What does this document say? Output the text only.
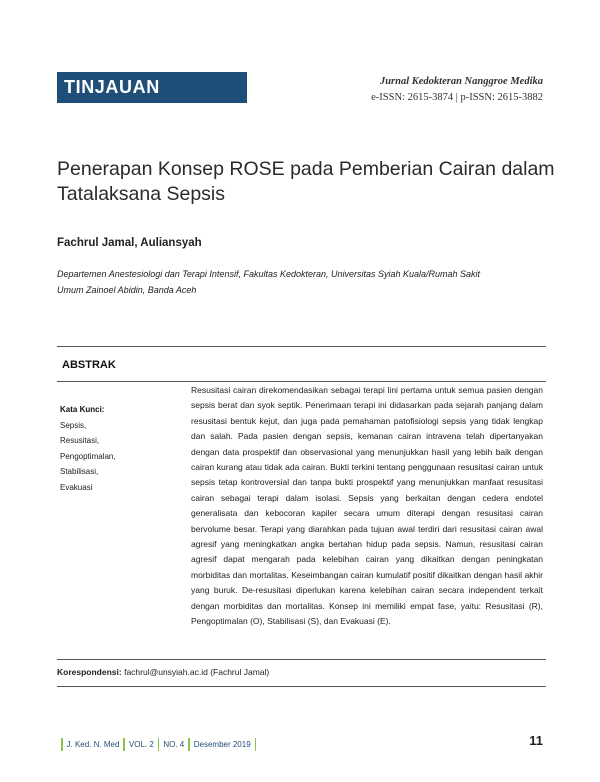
TINJAUAN PUSTAKA
Jurnal Kedokteran Nanggroe Medika
e-ISSN: 2615-3874 | p-ISSN: 2615-3882
Penerapan Konsep ROSE pada Pemberian Cairan dalam
Tatalaksana Sepsis
Fachrul Jamal, Auliansyah
Departemen Anestesiologi dan Terapi Intensif, Fakultas Kedokteran, Universitas Syiah Kuala/Rumah Sakit
Umum Zainoel Abidin, Banda Aceh
ABSTRAK
Kata Kunci:
Sepsis,
Resusitasi,
Pengoptimalan,
Stabilisasi,
Evakuasi
Resusitasi cairan direkomendasikan sebagai terapi lini pertama untuk semua pasien dengan sepsis berat dan syok septik. Penerimaan terapi ini didasarkan pada sejarah panjang dalam resusitasi bentuk kejut, dan juga pada pemahaman patofisiologi sepsis yang tidak lengkap dan salah. Pada pasien dengan sepsis, kemanan cairan intravena telah dipertanyakan dengan data prospektif dan observasional yang menunjukkan hasil yang lebih baik dengan cairan kurang atau tidak ada cairan. Bukti terkini tentang penggunaan resusitasi cairan untuk sepsis tetap kontroversial dan tanpa bukti prospektif yang menunjukkan manfaat resusitasi cairan sebagai terapi dalam isolasi. Sepsis yang berkaitan dengan cedera endotel generalisata dan kebocoran kapiler secara umum diterapi dengan resusitasi cairan bervolume besar. Terapi yang diarahkan pada tujuan awal terdiri dari resusitasi cairan awal agresif yang meningkatkan angka bertahan hidup pada sepsis. Namun, resusitasi cairan agresif dapat mengarah pada kelebihan cairan yang dikaitkan dengan peningkatan morbiditas dan mortalitas. Keseimbangan cairan kumulatif positif dikaitkan dengan hasil akhir yang buruk. De-resusitasi diperlukan karena kelebihan cairan secara independent terkait dengan morbiditas dan mortalitas. Konsep ini memiliki empat fase, yaitu: Resusitasi (R), Pengoptimalan (O), Stabilisasi (S), dan Evakuasi (E).
Korespondensi: fachrul@unsyiah.ac.id (Fachrul Jamal)
J. Ked. N. Med VOL. 2 NO. 4 Desember 2019	11
